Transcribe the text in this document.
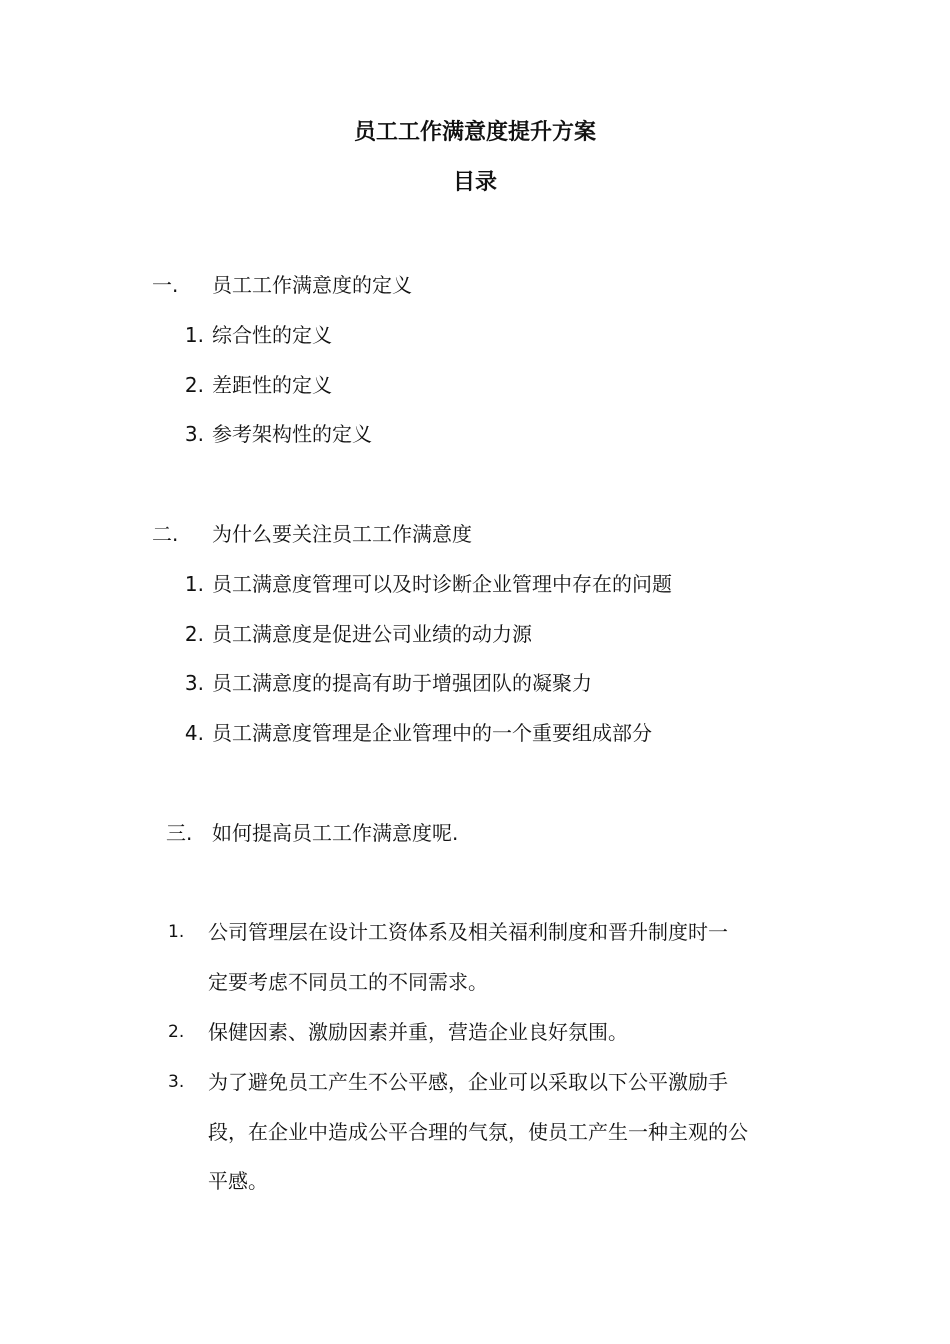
员工工作满意度提升方案
目录
一. 员工工作满意度的定义
1. 综合性的定义
2. 差距性的定义
3. 参考架构性的定义
二. 为什么要关注员工工作满意度
1. 员工满意度管理可以及时诊断企业管理中存在的问题
2. 员工满意度是促进公司业绩的动力源
3. 员工满意度的提高有助于增强团队的凝聚力
4. 员工满意度管理是企业管理中的一个重要组成部分
三. 如何提高员工工作满意度呢.
1. 公司管理层在设计工资体系及相关福利制度和晋升制度时一
定要考虑不同员工的不同需求。
2. 保健因素、激励因素并重，营造企业良好氛围。
3. 为了避免员工产生不公平感，企业可以采取以下公平激励手
段，在企业中造成公平合理的气氛，使员工产生一种主观的公
平感。
